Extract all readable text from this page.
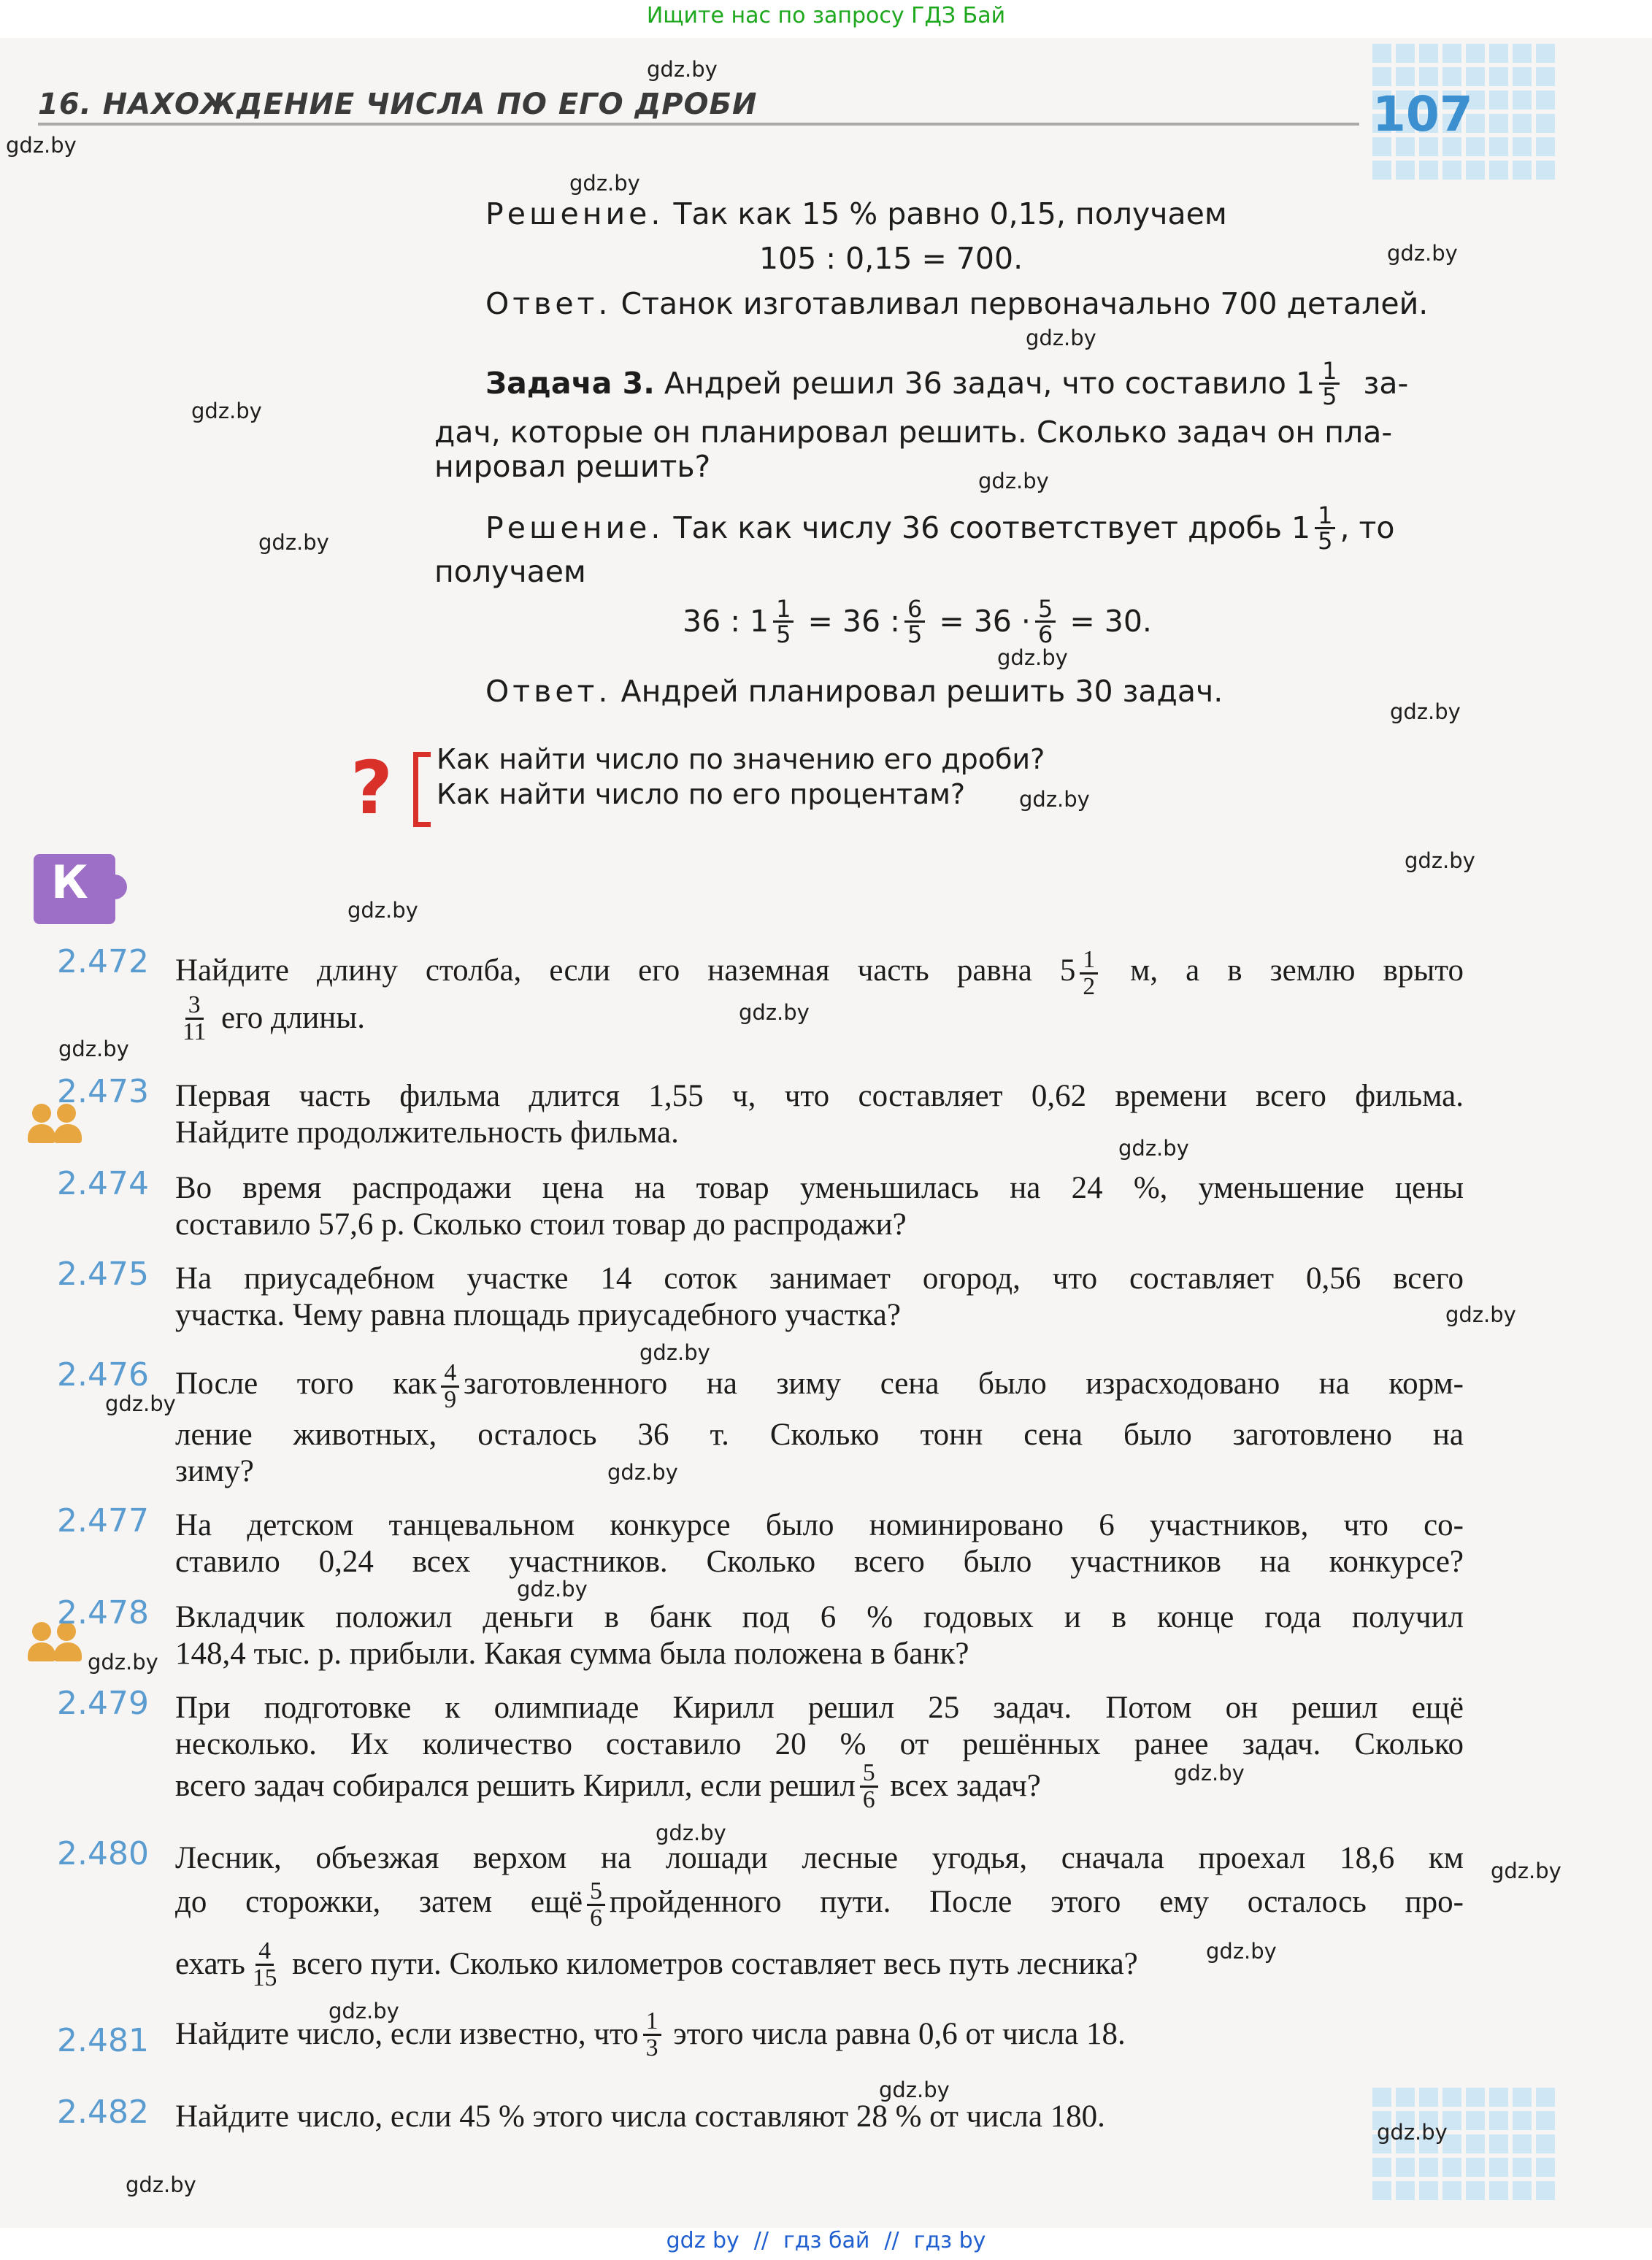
Ищите нас по запросу ГДЗ Бай
16. НАХОЖДЕНИЕ ЧИСЛА ПО ЕГО ДРОБИ	107
Решение.
Так как 15 % равно 0,15, получаем
105 : 0,15 = 700.
Ответ.
Станок изготавливал первоначально 700 деталей.
Задача 3.
Андрей решил 36 задач, что составило $1 \frac{1}{5}$
за-
дач, которые он планировал решить. Сколько задач он пла-
нировал решить?
Решение.
Так как числу 36 соответствует дробь $1 \frac{1}{5}$ , то
получаем
36 : $1 \frac{1}{5}$
= 36 : $\frac{6}{5}$
= $36 \cdot \frac{5}{6}$
= 30.
Ответ.
Андрей планировал решить 30 задач.
? Как найти число по значению его дроби?
Как найти число по его процентам?
К
2.472 Найдите длину столба, если его наземная часть равна $5 \frac{1}{2} м$, а в землю врыто
$\frac{3}{11}$
его длины.
2.473 Первая часть фильма длится 1,55 ч, что составляет 0,62 времени всего фильма.
Найдите продолжительность фильма.
2.474 Во время распродажи цена на товар уменьшилась на 24 %, уменьшение цены
составило 57,6 р. Сколько стоил товар до распродажи?
2.475 На приусадебном участке 14 соток занимает огород, что составляет 0,56 всего
участка. Чему равна площадь приусадебного участка?
2.476 После того как $\frac{4}{9}$ заготовленного на зиму сена было израсходовано на корм-
ление животных, осталось 36 т. Сколько тонн сена было заготовлено на
зиму?
2.477 На детском танцевальном конкурсе было номинировано 6 участников, что со-
ставило 0,24 всех участников. Сколько всего было участников на конкурсе?
2.478 Вкладчик положил деньги в банк под 6 % годовых и в конце года получил
148,4 тыс. р. прибыли. Какая сумма была положена в банк?
2.479 При подготовке к олимпиаде Кирилл решил 25 задач. Потом он решил ещё
несколько. Их количество составило 20 % от решённых ранее задач. Сколько
всего задач собирался решить Кирилл, если решил $\frac{5}{6}$
всех задач?
2.480 Лесник, объезжая верхом на лошади лесные угодья, сначала проехал 18,6 км
до сторожки, затем ещё $\frac{5}{6}$ пройденного пути. После этого ему осталось про-
ехать $\frac{4}{15}$
всего пути. Сколько километров составляет весь путь лесника?
2.481 Найдите число, если известно, что $\frac{1}{3}$
этого числа равна 0,6 от числа 18.
2.482 Найдите число, если 45 % этого числа составляют 28 % от числа 180.
gdz.by
gdz.by
gdz.by
gdz.by
gdz.by
gdz.by
gdz.by
gdz.by
gdz.by
gdz.by
gdz.by
gdz.by
gdz.by
gdz.by
gdz.by
gdz.by
gdz.by
gdz.by
gdz.by
gdz.by
gdz.by
gdz.by
gdz.by
gdz.by
gdz.by
gdz.by
gdz.by
gdz.by
gdz.by
gdz.by
gdz by // гдз бай // гдз by
